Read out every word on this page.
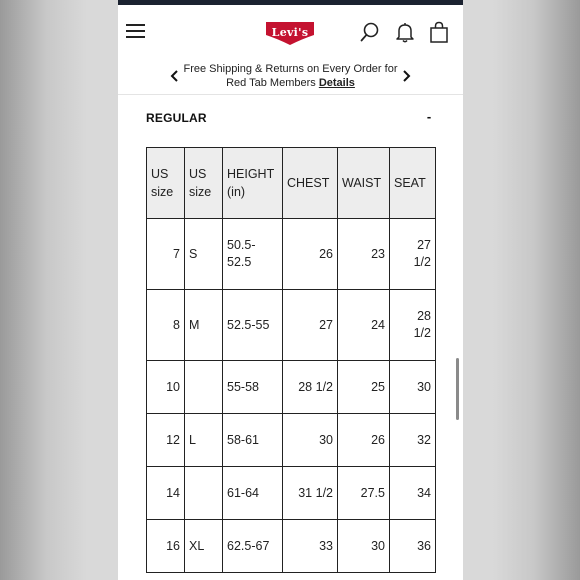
Levi's
Free Shipping & Returns on Every Order for Red Tab Members Details
REGULAR	-
US size	US size	HEIGHT (in)	CHEST	WAIST	SEAT
7	S	50.5-52.5	26	23	27 1/2
8	M	52.5-55	27	24	28 1/2
10		55-58	28 1/2	25	30
12	L	58-61	30	26	32
14		61-64	31 1/2	27.5	34
16	XL	62.5-67	33	30	36
